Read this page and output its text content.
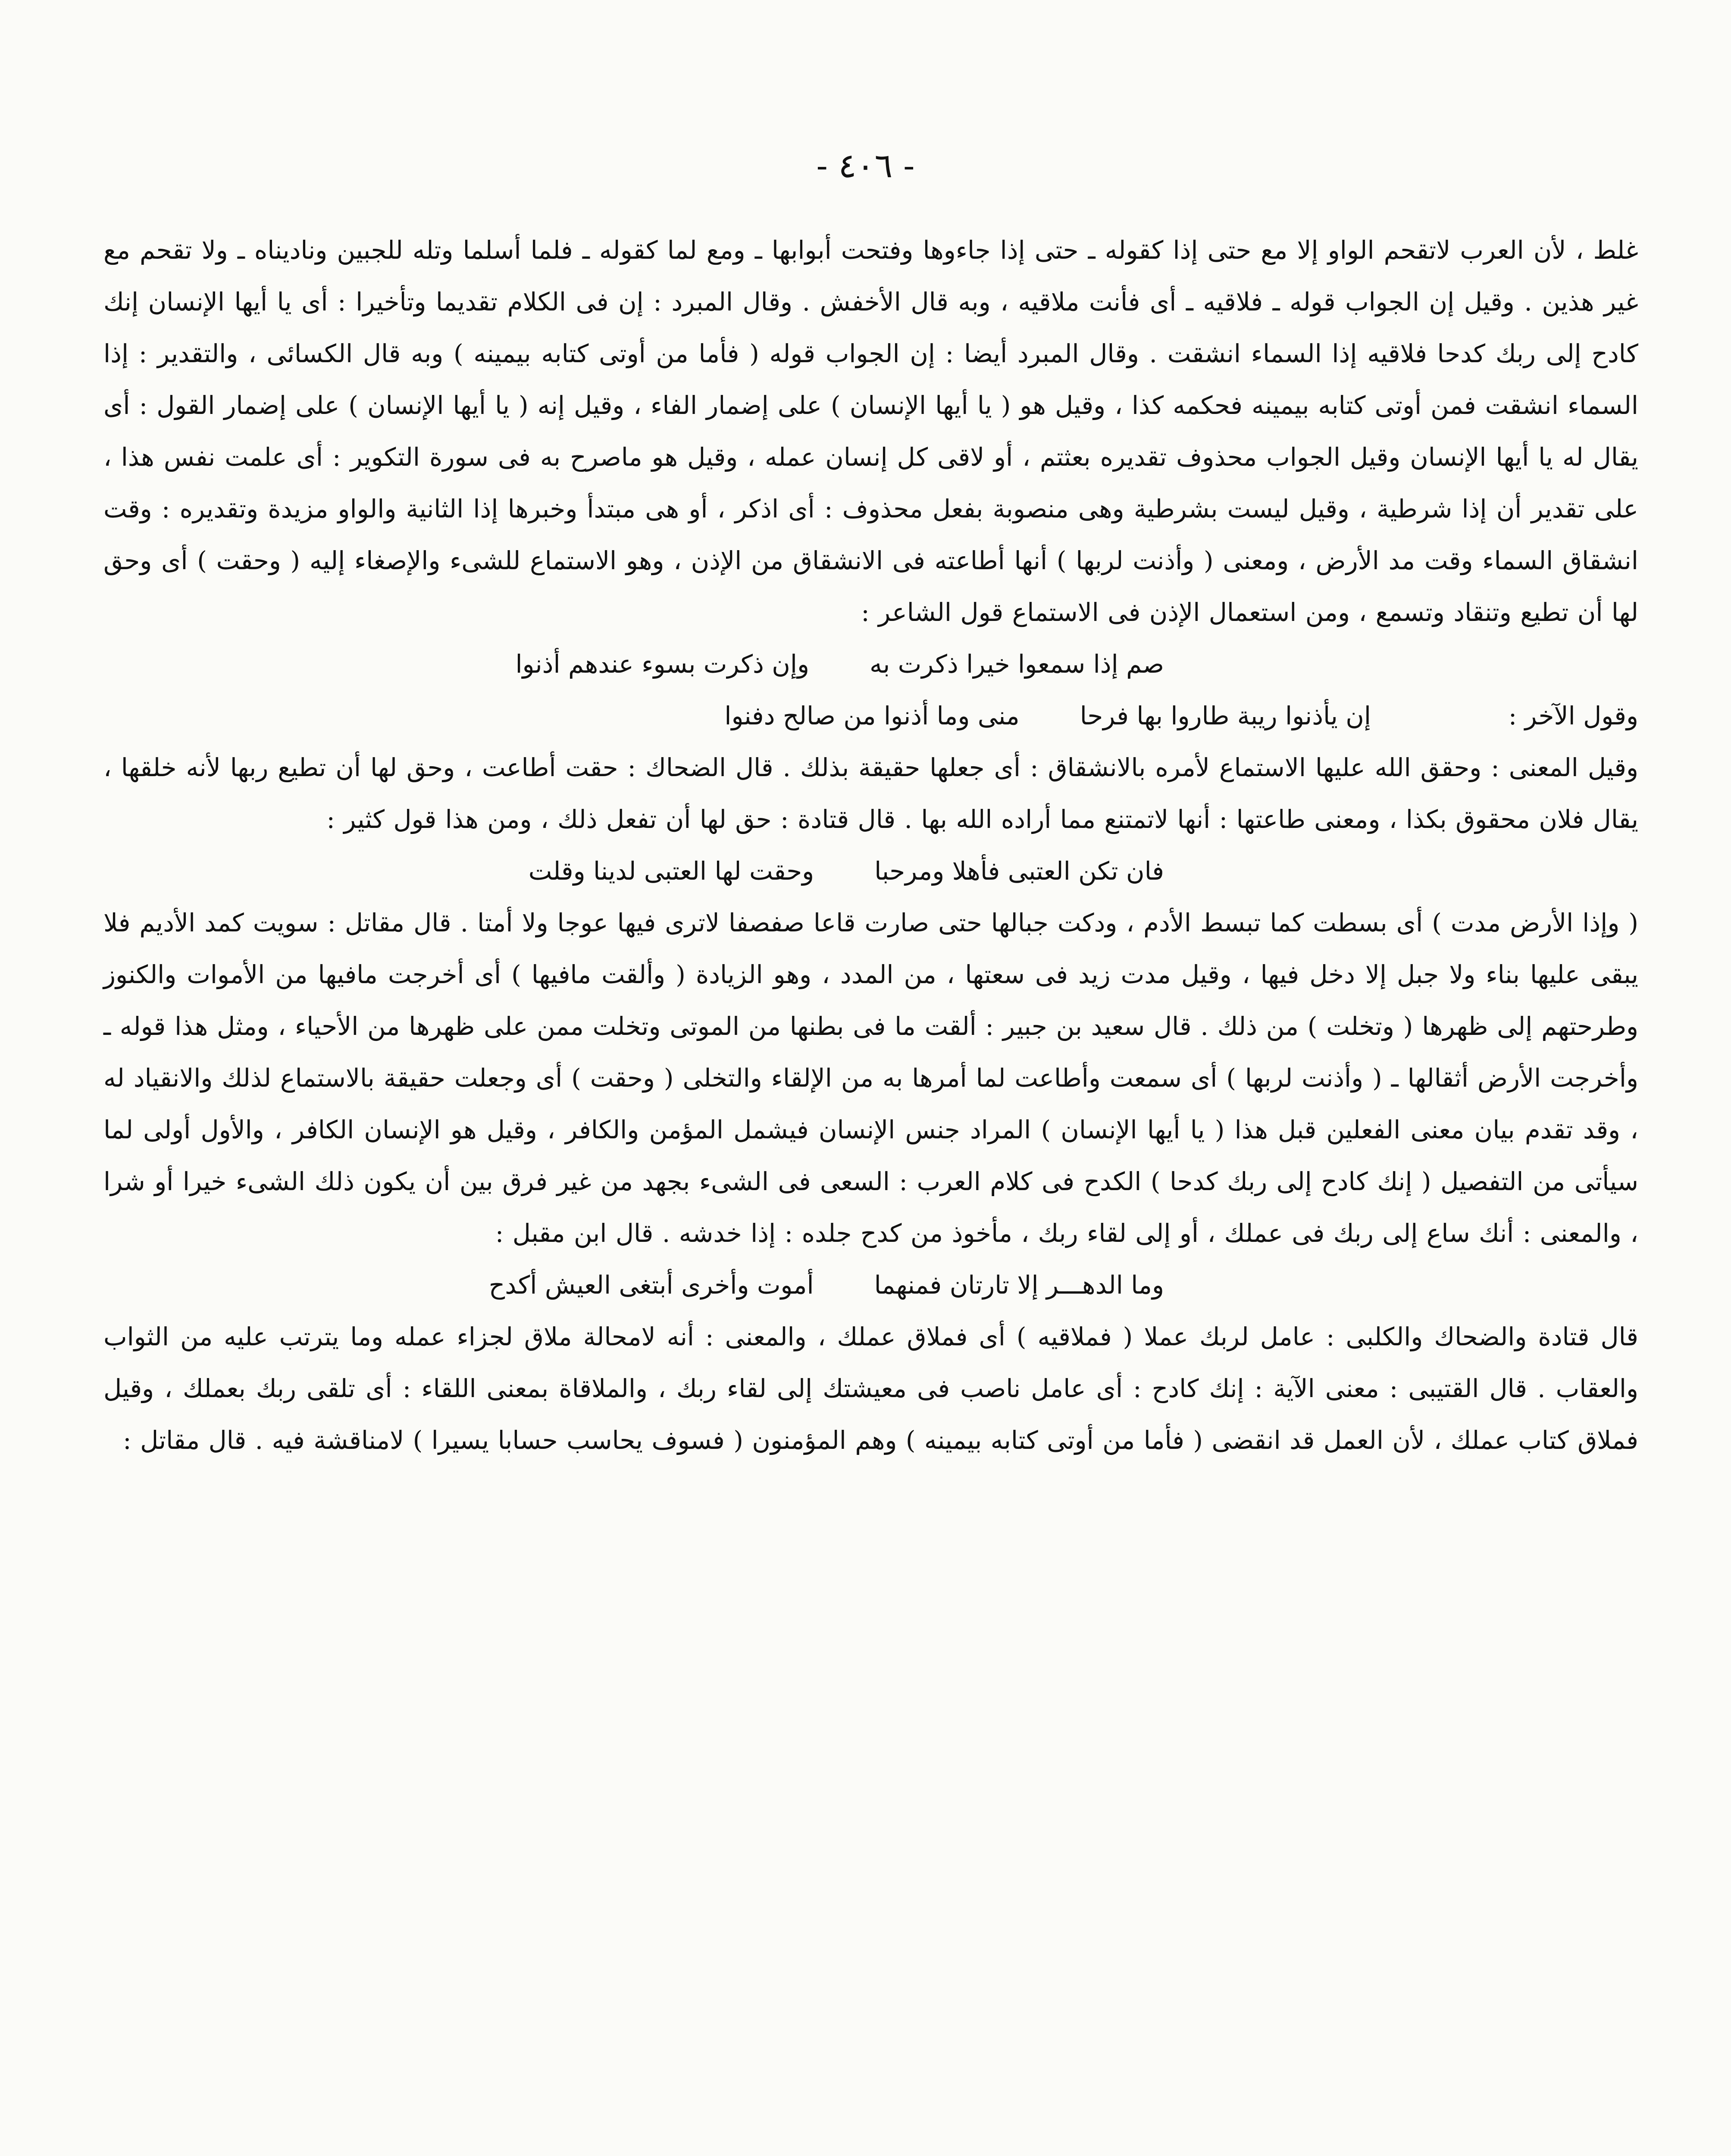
- ٤٠٦ -

غلط ، لأن العرب لاتقحم الواو إلا مع حتى إذا كقوله ـ حتى إذا جاءوها وفتحت أبوابها ـ ومع لما كقوله ـ فلما أسلما وتله للجبين وناديناه ـ ولا تقحم مع غير هذين . وقيل إن الجواب قوله ـ فلاقيه ـ أى فأنت ملاقيه ، وبه قال الأخفش . وقال المبرد : إن فى الكلام تقديما وتأخيرا : أى يا أيها الإنسان إنك كادح إلى ربك كدحا فلاقيه إذا السماء انشقت . وقال المبرد أيضا : إن الجواب قوله ( فأما من أوتى كتابه بيمينه ) وبه قال الكسائى ، والتقدير : إذا السماء انشقت فمن أوتى كتابه بيمينه فحكمه كذا ، وقيل هو ( يا أيها الإنسان ) على إضمار الفاء ، وقيل إنه ( يا أيها الإنسان ) على إضمار القول : أى يقال له يا أيها الإنسان وقيل الجواب محذوف تقديره بعثتم ، أو لاقى كل إنسان عمله ، وقيل هو ماصرح به فى سورة التكوير : أى علمت نفس هذا ، على تقدير أن إذا شرطية ، وقيل ليست بشرطية وهى منصوبة بفعل محذوف : أى اذكر ، أو هى مبتدأ وخبرها إذا الثانية والواو مزيدة وتقديره : وقت انشقاق السماء وقت مد الأرض ، ومعنى ( وأذنت لربها ) أنها أطاعته فى الانشقاق من الإذن ، وهو الاستماع للشىء والإصغاء إليه ( وحقت ) أى وحق لها أن تطيع وتنقاد وتسمع ، ومن استعمال الإذن فى الاستماع قول الشاعر :

صم إذا سمعوا خيرا ذكرت به
وإن ذكرت بسوء عندهم أذنوا
وقول الآخر :
إن يأذنوا ريبة طاروا بها فرحا
منى وما أذنوا من صالح دفنوا

وقيل المعنى : وحقق الله عليها الاستماع لأمره بالانشقاق : أى جعلها حقيقة بذلك . قال الضحاك : حقت أطاعت ، وحق لها أن تطيع ربها لأنه خلقها ، يقال فلان محقوق بكذا ، ومعنى طاعتها : أنها لاتمتنع مما أراده الله بها . قال قتادة : حق لها أن تفعل ذلك ، ومن هذا قول كثير :

فان تكن العتبى فأهلا ومرحبا
وحقت لها العتبى لدينا وقلت

( وإذا الأرض مدت ) أى بسطت كما تبسط الأدم ، ودكت جبالها حتى صارت قاعا صفصفا لاترى فيها عوجا ولا أمتا . قال مقاتل : سويت كمد الأديم فلا يبقى عليها بناء ولا جبل إلا دخل فيها ، وقيل مدت زيد فى سعتها ، من المدد ، وهو الزيادة ( وألقت مافيها ) أى أخرجت مافيها من الأموات والكنوز وطرحتهم إلى ظهرها ( وتخلت ) من ذلك . قال سعيد بن جبير : ألقت ما فى بطنها من الموتى وتخلت ممن على ظهرها من الأحياء ، ومثل هذا قوله ـ وأخرجت الأرض أثقالها ـ ( وأذنت لربها ) أى سمعت وأطاعت لما أمرها به من الإلقاء والتخلى ( وحقت ) أى وجعلت حقيقة بالاستماع لذلك والانقياد له ، وقد تقدم بيان معنى الفعلين قبل هذا ( يا أيها الإنسان ) المراد جنس الإنسان فيشمل المؤمن والكافر ، وقيل هو الإنسان الكافر ، والأول أولى لما سيأتى من التفصيل ( إنك كادح إلى ربك كدحا ) الكدح فى كلام العرب : السعى فى الشىء بجهد من غير فرق بين أن يكون ذلك الشىء خيرا أو شرا ، والمعنى : أنك ساع إلى ربك فى عملك ، أو إلى لقاء ربك ، مأخوذ من كدح جلده : إذا خدشه . قال ابن مقبل :

وما الدهـــر إلا تارتان فمنهما
أموت وأخرى أبتغى العيش أكدح

قال قتادة والضحاك والكلبى : عامل لربك عملا ( فملاقيه ) أى فملاق عملك ، والمعنى : أنه لامحالة ملاق لجزاء عمله وما يترتب عليه من الثواب والعقاب . قال القتيبى : معنى الآية : إنك كادح : أى عامل ناصب فى معيشتك إلى لقاء ربك ، والملاقاة بمعنى اللقاء : أى تلقى ربك بعملك ، وقيل فملاق كتاب عملك ، لأن العمل قد انقضى ( فأما من أوتى كتابه بيمينه ) وهم المؤمنون ( فسوف يحاسب حسابا يسيرا ) لامناقشة فيه . قال مقاتل :
